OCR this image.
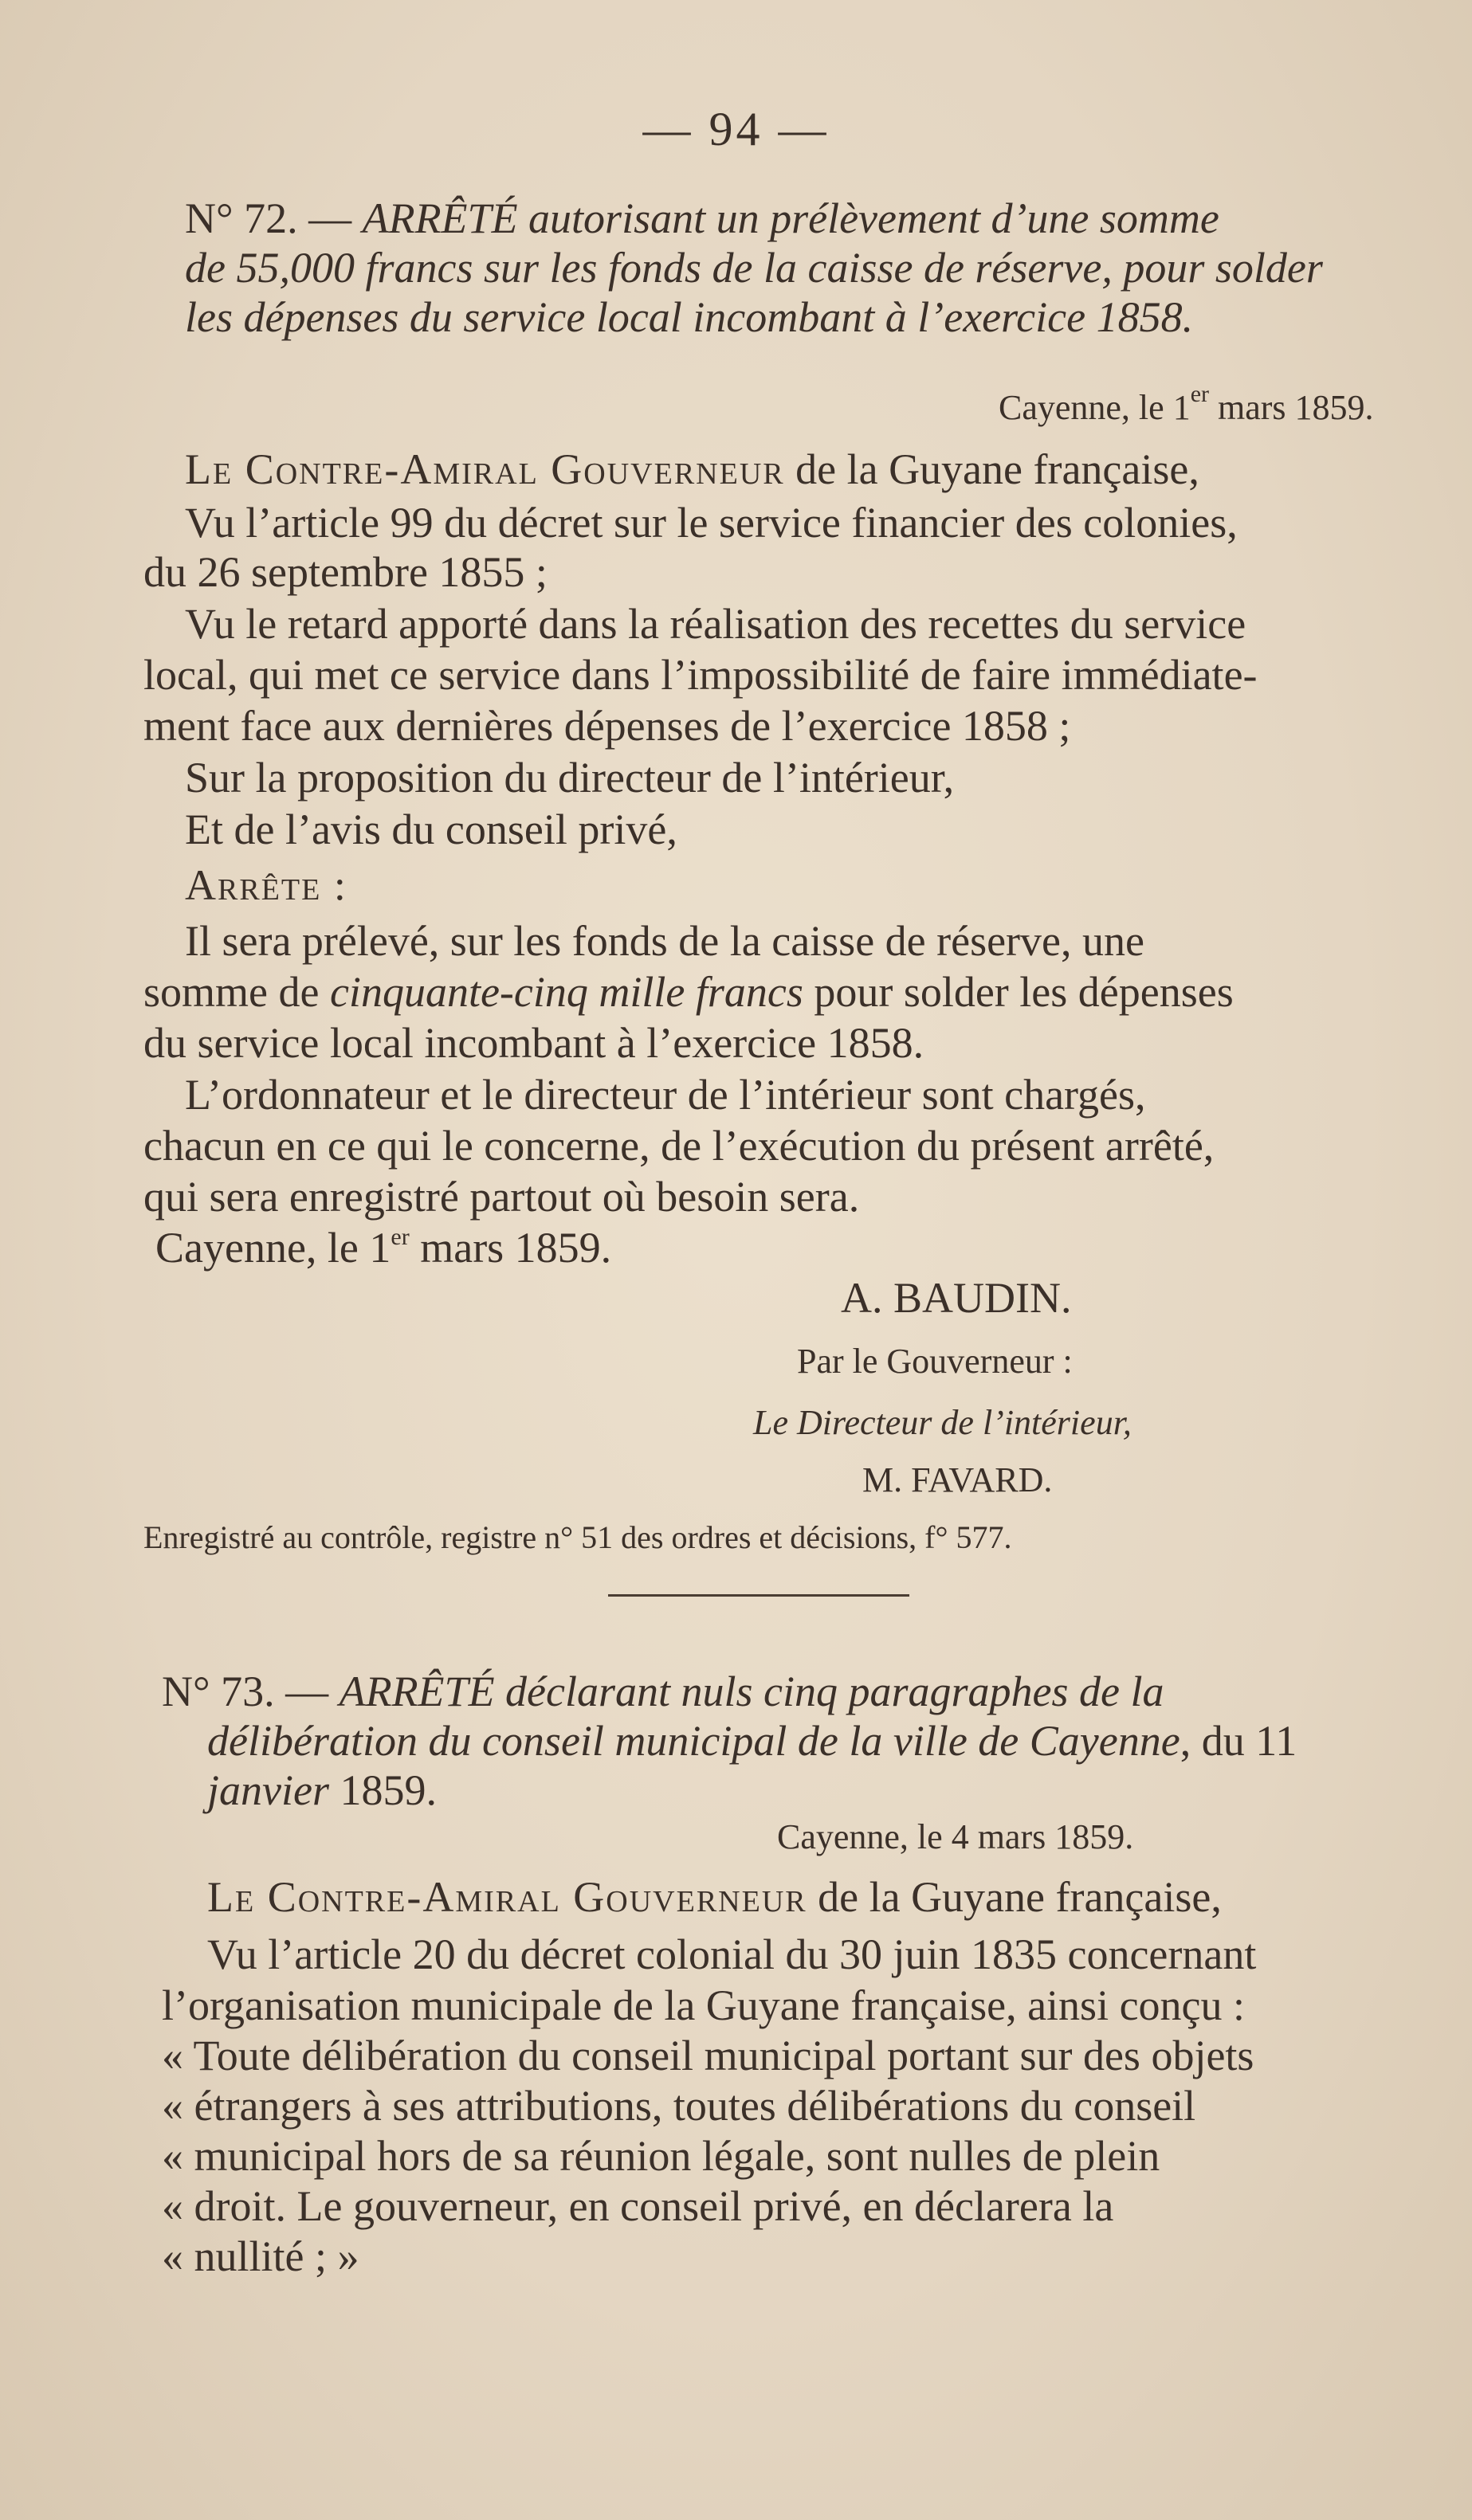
— 94 —
N° 72. — ARRÊTÉ autorisant un prélèvement d’une somme
de 55,000 francs sur les fonds de la caisse de réserve, pour solder
les dépenses du service local incombant à l’exercice 1858.
Cayenne, le 1er mars 1859.
Le Contre-Amiral Gouverneur de la Guyane française,
Vu l’article 99 du décret sur le service financier des colonies,
du 26 septembre 1855 ;
Vu le retard apporté dans la réalisation des recettes du service
local, qui met ce service dans l’impossibilité de faire immédiate-
ment face aux dernières dépenses de l’exercice 1858 ;
Sur la proposition du directeur de l’intérieur,
Et de l’avis du conseil privé,
Arrête :
Il sera prélevé, sur les fonds de la caisse de réserve, une
somme de cinquante-cinq mille francs pour solder les dépenses
du service local incombant à l’exercice 1858.
L’ordonnateur et le directeur de l’intérieur sont chargés,
chacun en ce qui le concerne, de l’exécution du présent arrêté,
qui sera enregistré partout où besoin sera.
Cayenne, le 1er mars 1859.
A. BAUDIN.
Par le Gouverneur :
Le Directeur de l’intérieur,
M. FAVARD.
Enregistré au contrôle, registre n° 51 des ordres et décisions, f° 577.
N° 73. — ARRÊTÉ déclarant nuls cinq paragraphes de la
délibération du conseil municipal de la ville de Cayenne, du 11
janvier 1859.
Cayenne, le 4 mars 1859.
Le Contre-Amiral Gouverneur de la Guyane française,
Vu l’article 20 du décret colonial du 30 juin 1835 concernant
l’organisation municipale de la Guyane française, ainsi conçu :
« Toute délibération du conseil municipal portant sur des objets
« étrangers à ses attributions, toutes délibérations du conseil
« municipal hors de sa réunion légale, sont nulles de plein
« droit. Le gouverneur, en conseil privé, en déclarera la
« nullité ; »
